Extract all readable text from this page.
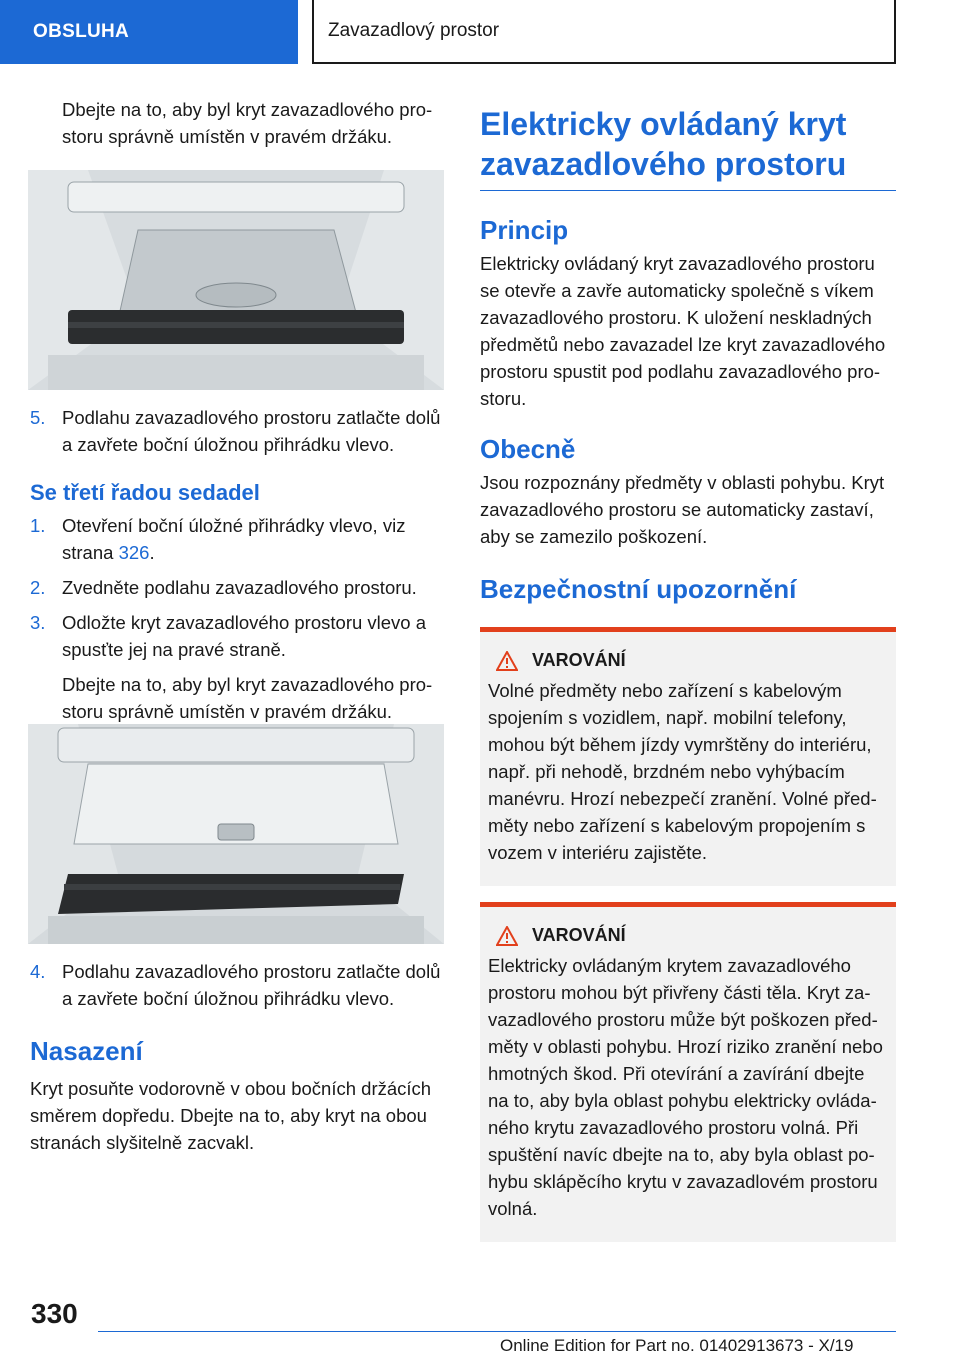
OBSLUHA	Zavazadlový prostor

Dbejte na to, aby byl kryt zavazadlového prostoru správně umístěn v pravém držáku.

5. Podlahu zavazadlového prostoru zatlačte dolů a zavřete boční úložnou přihrádku vlevo.
Se třetí řadou sedadel
1. Otevření boční úložné přihrádky vlevo, viz strana 326.
2. Zvedněte podlahu zavazadlového prostoru.
3. Odložte kryt zavazadlového prostoru vlevo a spusťte jej na pravé straně.

Dbejte na to, aby byl kryt zavazadlového prostoru správně umístěn v pravém držáku.

4. Podlahu zavazadlového prostoru zatlačte dolů a zavřete boční úložnou přihrádku vlevo.
Nasazení

Kryt posuňte vodorovně v obou bočních držácích směrem dopředu. Dbejte na to, aby kryt na obou stranách slyšitelně zacvakl.

Elektricky ovládaný kryt zavazadlového prostoru
Princip

Elektricky ovládaný kryt zavazadlového prostoru se otevře a zavře automaticky společně s víkem zavazadlového prostoru. K uložení neskladných předmětů nebo zavazadel lze kryt zavazadlového prostoru spustit pod podlahu zavazadlového prostoru.

Obecně

Jsou rozpoznány předměty v oblasti pohybu. Kryt zavazadlového prostoru se automaticky zastaví, aby se zamezilo poškození.

Bezpečnostní upozornění
VAROVÁNÍ

Volné předměty nebo zařízení s kabelovým spojením s vozidlem, např. mobilní telefony, mohou být během jízdy vymrštěny do interiéru, např. při nehodě, brzdném nebo vyhýbacím manévru. Hrozí nebezpečí zranění. Volné předměty nebo zařízení s kabelovým propojením s vozem v interiéru zajistěte.

VAROVÁNÍ

Elektricky ovládaným krytem zavazadlového prostoru mohou být přivřeny části těla. Kryt zavazadlového prostoru může být poškozen předměty v oblasti pohybu. Hrozí riziko zranění nebo hmotných škod. Při otevírání a zavírání dbejte na to, aby byla oblast pohybu elektricky ovládaného krytu zavazadlového prostoru volná. Při spuštění navíc dbejte na to, aby byla oblast pohybu sklápěcího krytu v zavazadlovém prostoru volná.

330
Online Edition for Part no. 01402913673 - X/19
